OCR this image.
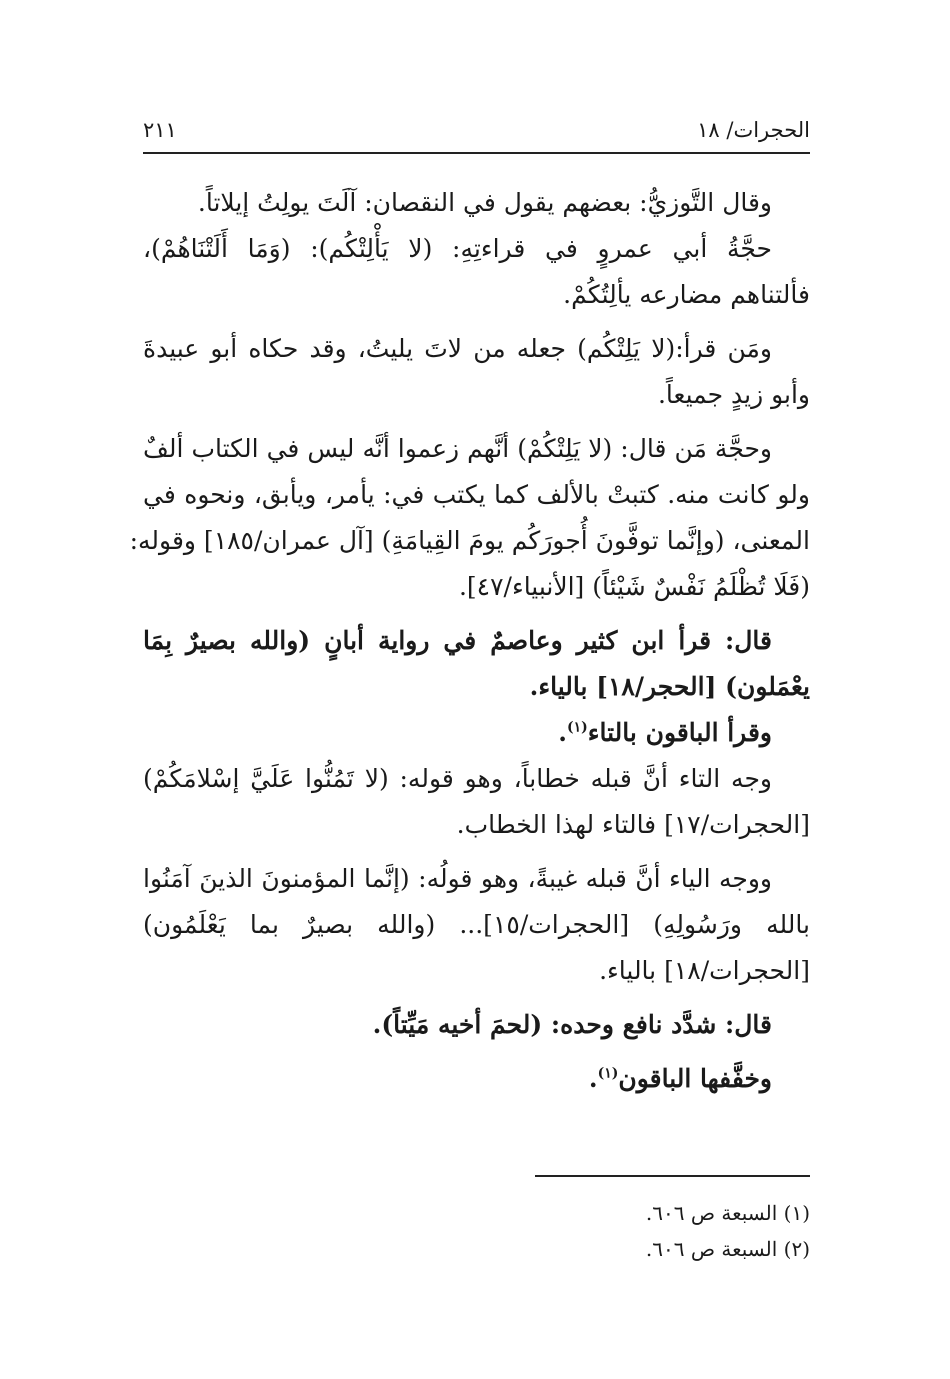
الحجرات/ ١٨
٢١١
وقال التَّوزيُّ: بعضهم يقول في النقصان: آلَتَ يولِتُ إيلاتاً.
حجَّةُ أبي عمروٍ في قراءتِهِ: (لا يَأْلِتْكُم): (وَمَا أَلَتْنَاهُمْ)،
فألتناهم مضارعه يألِتُكُمْ.
ومَن قرأ:(لا يَلِتْكُم) جعله من لاتَ يليتُ، وقد حكاه أبو عبيدةَ
وأبو زيدٍ جميعاً.
وحجَّة مَن قال: (لا يَلِتْكُمْ) أنَّهم زعموا أنَّه ليس في الكتاب ألفٌ
ولو كانت منه. كتبتْ بالألف كما يكتب في: يأمر، ويأبق، ونحوه في
المعنى، (وإنَّما توفَّونَ أُجورَكُم يومَ القِيامَةِ) [آل عمران/١٨٥] وقوله:
(فَلَا تُظْلَمُ نَفْسٌ شَيْئاً) [الأنبياء/٤٧].
قال: قرأ ابن كثير وعاصمٌ في رواية أبانٍ (والله بصيرٌ بِمَا
يعْمَلون) [الحجر/١٨] بالياء.
وقرأ الباقون بالتاء$^{(١)}$.
وجه التاء أنَّ قبله خطاباً، وهو قوله: (لا تَمُنُّوا عَلَيَّ إسْلامَكُمْ)
[الحجرات/١٧] فالتاء لهذا الخطاب.
ووجه الياء أنَّ قبله غيبةً، وهو قولُه: (إنَّما المؤمنونَ الذينَ آمَنُوا
بالله ورَسُولِهِ) [الحجرات/١٥]... (والله بصيرٌ بما يَعْلَمُون)
[الحجرات/١٨] بالياء.
قال: شدَّد نافع وحده: (لحمَ أخيه مَيِّتاً).
وخفَّفها الباقون$^{(١)}$.
(١) السبعة ص ٦٠٦.
(٢) السبعة ص ٦٠٦.
